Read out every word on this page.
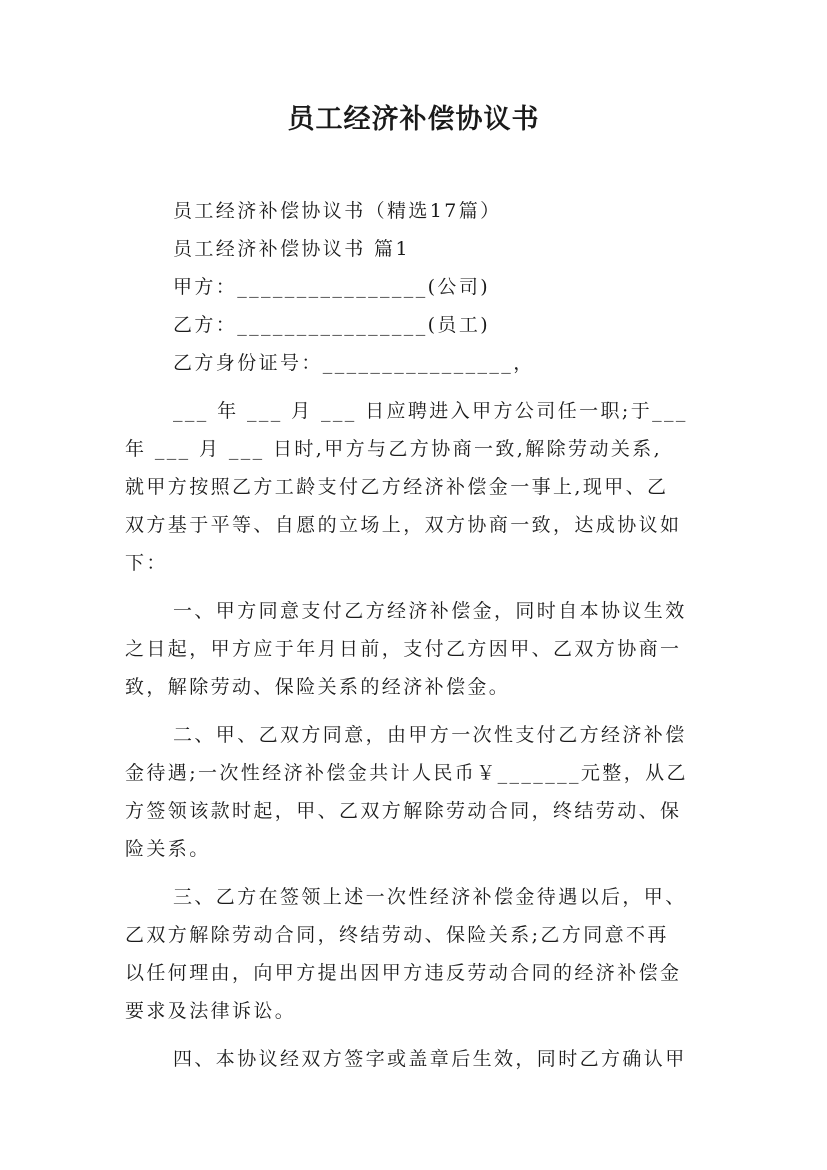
员工经济补偿协议书
员工经济补偿协议书（精选17篇）
员工经济补偿协议书 篇1
甲方：________________(公司)
乙方：________________(员工)
乙方身份证号：________________，
___ 年 ___ 月 ___ 日应聘进入甲方公司任一职;于___
年 ___ 月 ___ 日时,甲方与乙方协商一致,解除劳动关系,
就甲方按照乙方工龄支付乙方经济补偿金一事上,现甲、乙
双方基于平等、自愿的立场上，双方协商一致，达成协议如
下：
一、甲方同意支付乙方经济补偿金，同时自本协议生效
之日起，甲方应于年月日前，支付乙方因甲、乙双方协商一
致，解除劳动、保险关系的经济补偿金。
二、甲、乙双方同意，由甲方一次性支付乙方经济补偿
金待遇;一次性经济补偿金共计人民币￥_______元整，从乙
方签领该款时起，甲、乙双方解除劳动合同，终结劳动、保
险关系。
三、乙方在签领上述一次性经济补偿金待遇以后，甲、
乙双方解除劳动合同，终结劳动、保险关系;乙方同意不再
以任何理由，向甲方提出因甲方违反劳动合同的经济补偿金
要求及法律诉讼。
四、本协议经双方签字或盖章后生效，同时乙方确认甲
